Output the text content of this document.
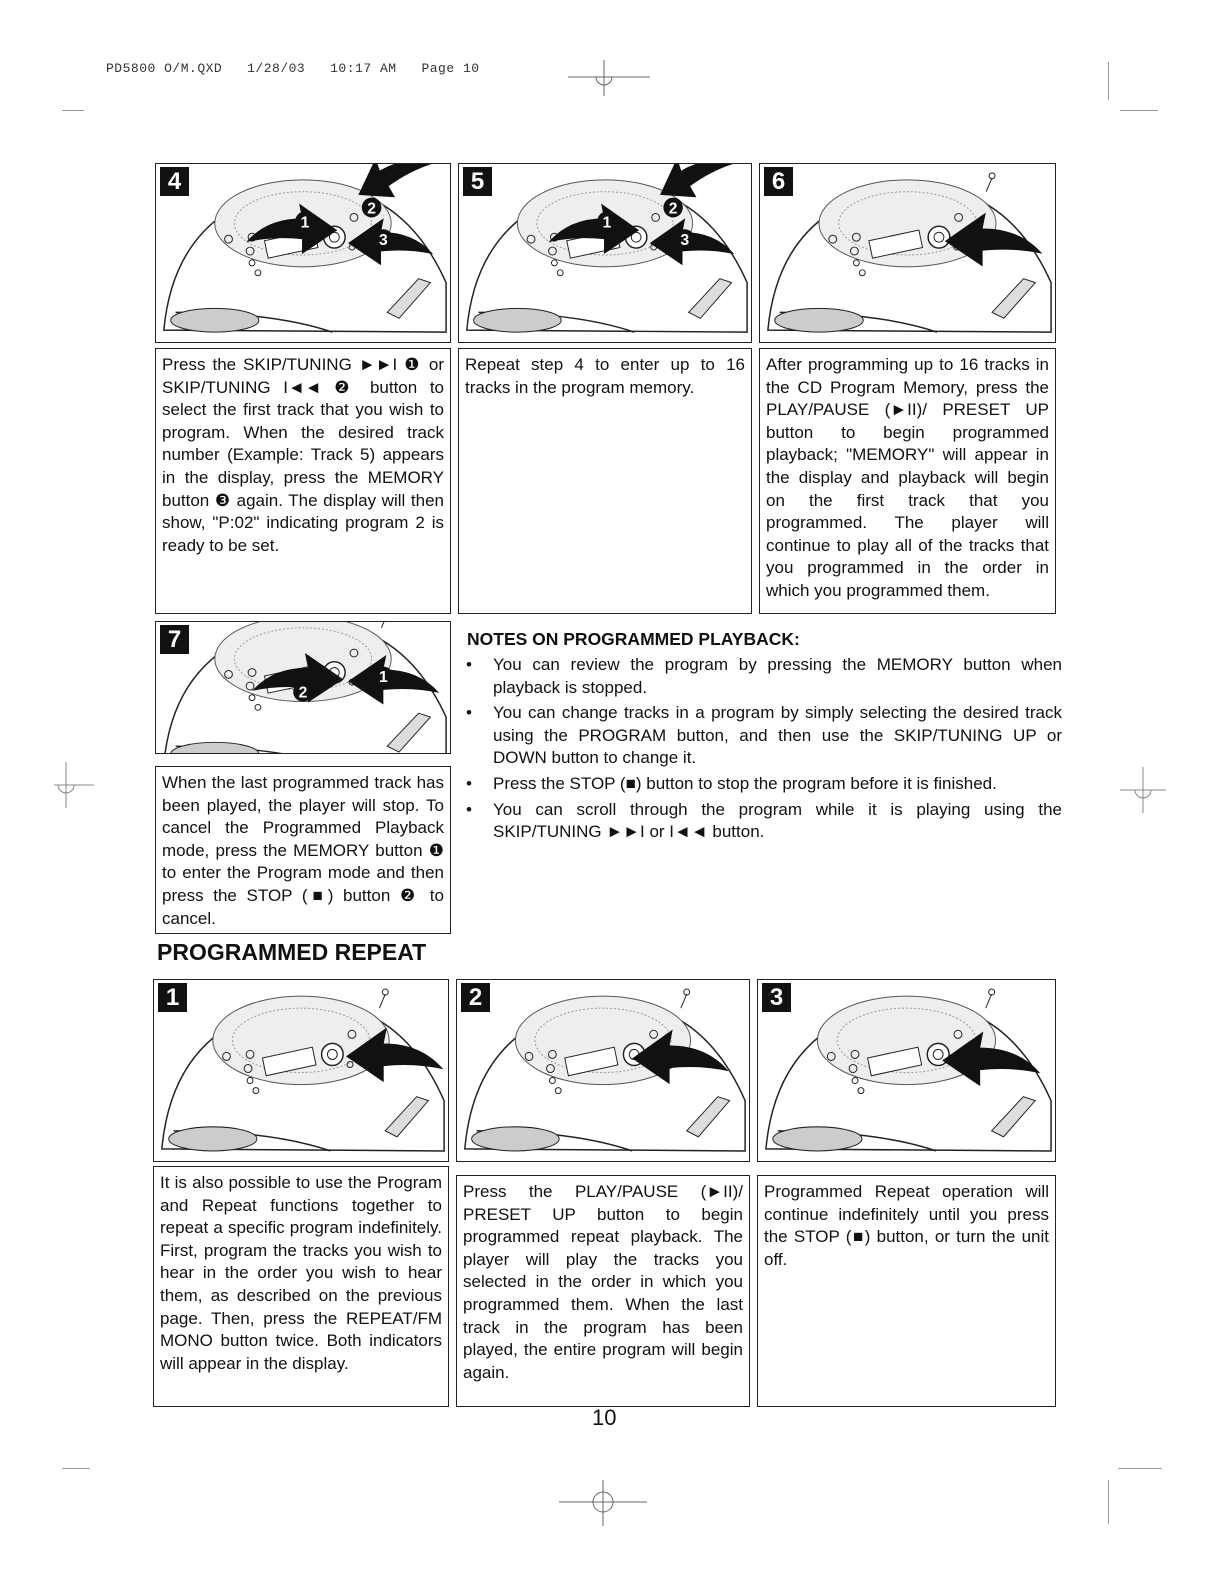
PD5800 O/M.QXD   1/28/03   10:17 AM   Page 10
1
2
3
4
1
2
3
5	6
Press the SKIP/TUNING ►►I ❶ or SKIP/TUNING I◄◄ ❷ button to select the first track that you wish to program. When the desired track number (Example: Track 5) appears in the display, press the MEMORY button ❸ again. The display will then show, "P:02" indicating program 2 is ready to be set.
Repeat step 4 to enter up to 16 tracks in the program memory.
After programming up to 16 tracks in the CD Program Memory, press the PLAY/PAUSE (►II)/ PRESET UP button to begin programmed playback; "MEMORY" will appear in the display and playback will begin on the first track that you programmed. The player will continue to play all of the tracks that you programmed in the order in which you programmed them.
2
1
7
When the last programmed track has been played, the player will stop. To cancel the Programmed Playback mode, press the MEMORY button ❶ to enter the Program mode and then press the STOP (■) button ❷ to cancel.
NOTES ON PROGRAMMED PLAYBACK:
• You can review the program by pressing the MEMORY button when playback is stopped.
• You can change tracks in a program by simply selecting the desired track using the PROGRAM button, and then use the SKIP/TUNING UP or DOWN button to change it.
• Press the STOP (■) button to stop the program before it is finished.
• You can scroll through the program while it is playing using the SKIP/TUNING ►►I or I◄◄ button.
PROGRAMMED REPEAT
1	2	3
It is also possible to use the Program and Repeat functions together to repeat a specific program indefinitely. First, program the tracks you wish to hear in the order you wish to hear them, as described on the previous page. Then, press the REPEAT/FM MONO button twice. Both indicators will appear in the display.
Press the PLAY/PAUSE (►II)/ PRESET UP button to begin programmed repeat playback. The player will play the tracks you selected in the order in which you programmed them. When the last track in the program has been played, the entire program will begin again.
Programmed Repeat operation will continue indefinitely until you press the STOP (■) button, or turn the unit off.
10
